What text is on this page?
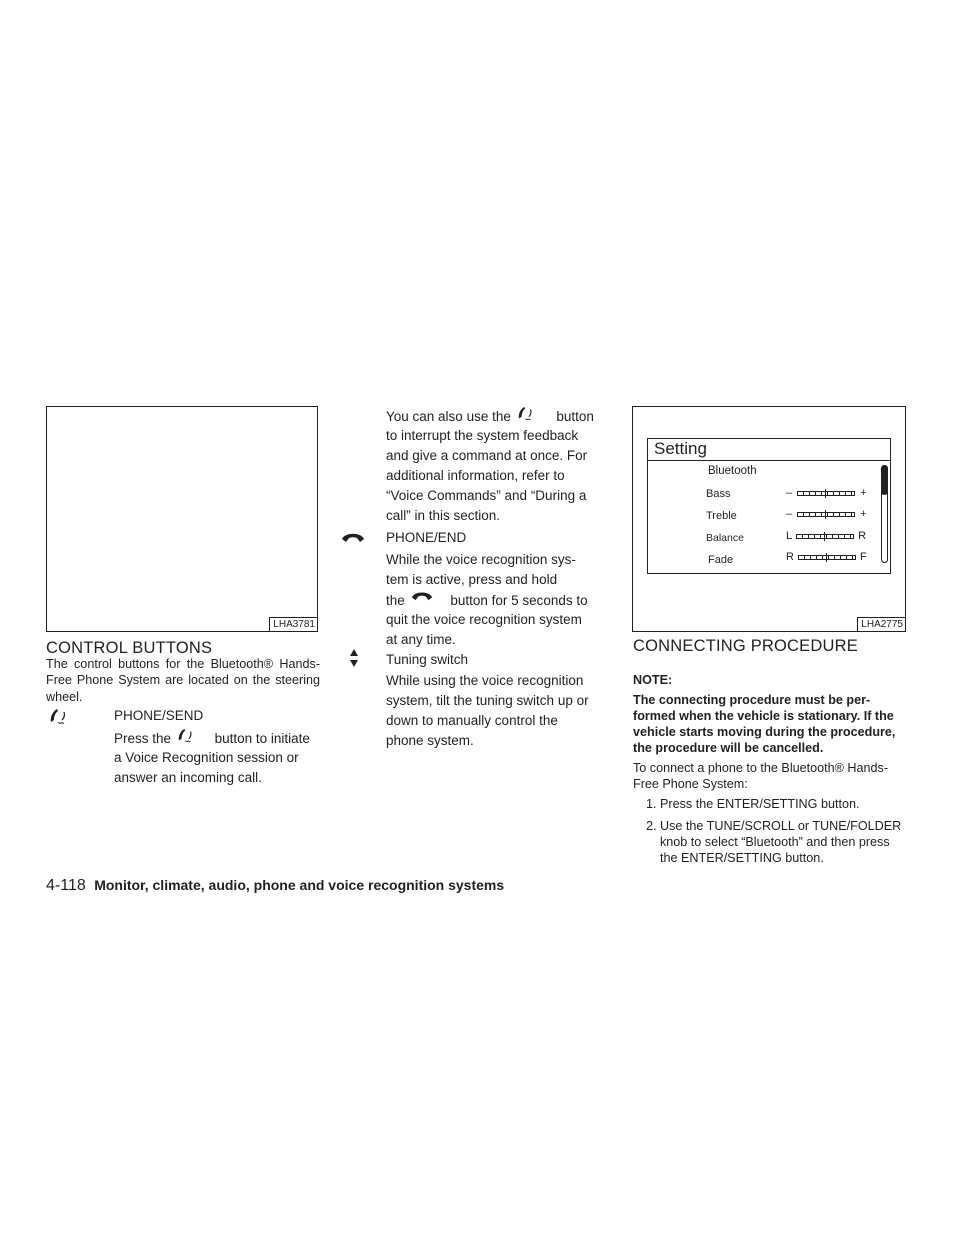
LHA3781
CONTROL BUTTONS
The control buttons for the Bluetooth® Hands-Free Phone System are located on the steering wheel.
PHONE/SEND
Press the	button to initiate
a Voice Recognition session or
answer an incoming call.
You can also use the	button
to interrupt the system feedback
and give a command at once. For
additional information, refer to
“Voice Commands” and “During a
call” in this section.
PHONE/END
While the voice recognition sys-
tem is active, press and hold
the	button for 5 seconds to
quit the voice recognition system
at any time.
Tuning switch
While using the voice recognition
system, tilt the tuning switch up or
down to manually control the
phone system.
Setting
Bluetooth
Bass	–	+
Treble	–	+
Balance	L	R
Fade	R	F
LHA2775
CONNECTING PROCEDURE
NOTE:
The connecting procedure must be per-
formed when the vehicle is stationary. If the
vehicle starts moving during the procedure,
the procedure will be cancelled.
To connect a phone to the Bluetooth® Hands-
Free Phone System:
1. Press the ENTER/SETTING button.
2. Use the TUNE/SCROLL or TUNE/FOLDER
knob to select “Bluetooth” and then press
the ENTER/SETTING button.
4-118 Monitor, climate, audio, phone and voice recognition systems
